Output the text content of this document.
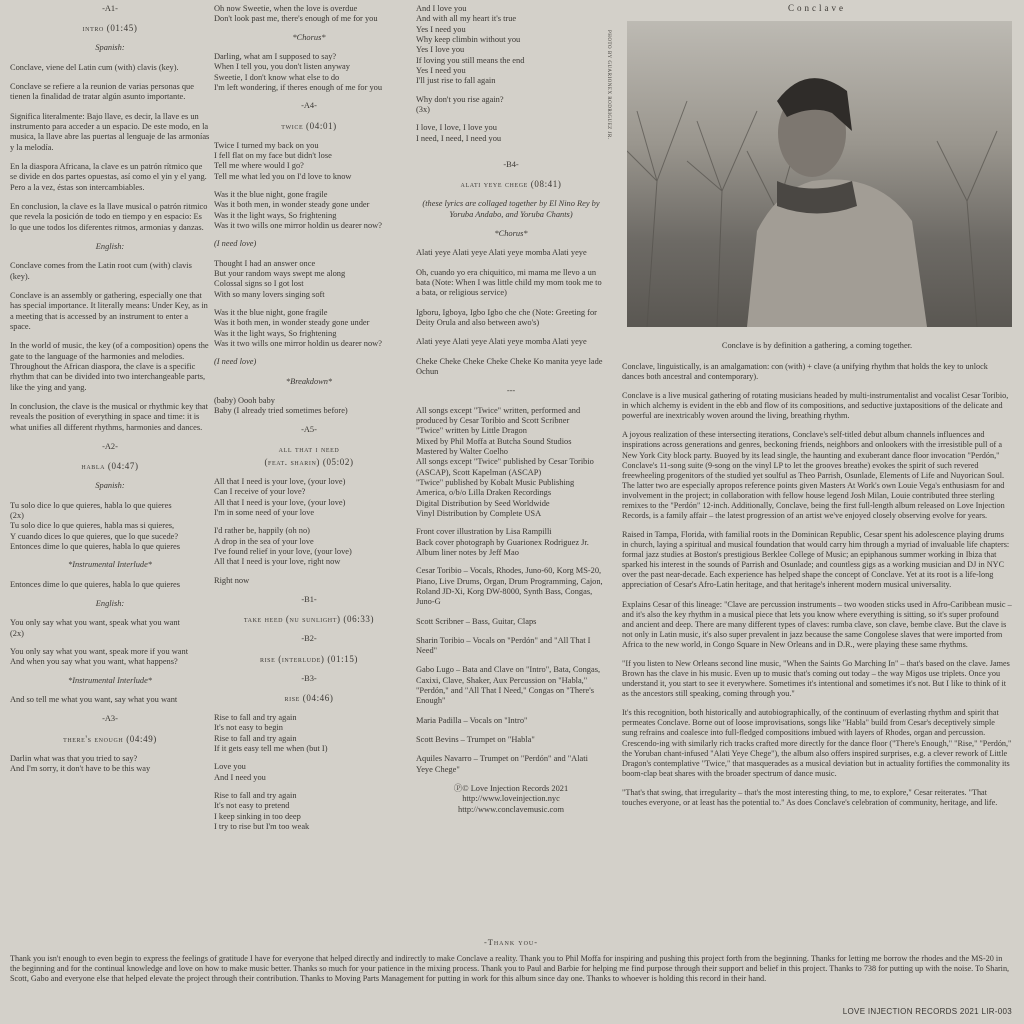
-A1-

intro (01:45)

Spanish:

Conclave, viene del Latin cum (with) clavis (key).

Conclave se refiere a la reunion de varias personas que tienen la finalidad de tratar algún asunto importante.

Significa literalmente: Bajo llave, es decir, la llave es un instrumento para acceder a un espacio. De este modo, en la musica, la llave abre las puertas al lenguaje de las armonías y la melodía.

En la diaspora Africana, la clave es un patrón rítmico que se divide en dos partes opuestas, así como el yin y el yang. Pero a la vez, éstas son intercambiables.

En conclusion, la clave es la llave musical o patrón ritmico que revela la posición de todo en tiempo y en espacio: Es lo que une todos los diferentes ritmos, armonias y danzas.

English:

Conclave comes from the Latin root cum (with) clavis (key).

Conclave is an assembly or gathering, especially one that has special importance. It literally means: Under Key, as in a meeting that is accessed by an instrument to enter a space.

In the world of music, the key (of a composition) opens the gate to the language of the harmonies and melodies. Throughout the African diaspora, the clave is a specific rhythm that can be divided into two interchangeable parts, like the ying and yang.

In conclusion, the clave is the musical or rhythmic key that reveals the position of everything in space and time: it is what unifies all different rhythms, harmonies and dances.

-A2-

habla (04:47)

Spanish:

Tu solo dice lo que quieres, habla lo que quieres
(2x)
Tu solo dice lo que quieres, habla mas si quieres,
Y cuando dices lo que quieres, que lo que sucede?
Entonces dime lo que quieres, habla lo que quieres

*Instrumental Interlude*

Entonces dime lo que quieres, habla lo que quieres

English:

You only say what you want, speak what you want
(2x)
You only say what you want, speak more if you want
And when you say what you want, what happens?

*Instrumental Interlude*

And so tell me what you want, say what you want

-A3-

there's enough (04:49)

Darlin what was that you tried to say?
And I'm sorry, it don't have to be this way
Oh now Sweetie, when the love is overdue
Don't look past me, there's enough of me for you

*Chorus*

Darling, what am I supposed to say?
When I tell you, you don't listen anyway
Sweetie, I don't know what else to do
I'm left wondering, if theres enough of me for you

-A4-

twice (04:01)

Twice I turned my back on you
I fell flat on my face but didn't lose
Tell me where would I go?
Tell me what led you on I'd love to know
Was it the blue night, gone fragile
Was it both men, in wonder steady gone under
Was it the light ways, So frightening
Was it two wills one mirror holdin us dearer now?

(I need love)

Thought I had an answer once
But your random ways swept me along
Colossal signs so I got lost
With so many lovers singing soft
Was it the blue night, gone fragile
Was it both men, in wonder steady gone under
Was it the light ways, So frightening
Was it two wills one mirror holdin us dearer now?

(I need love)

*Breakdown*

(baby) Oooh baby
Baby (I already tried sometimes before)

-A5-

all that i need

(feat. sharin) (05:02)

All that I need is your love, (your love)
Can I receive of your love?
All that I need is your love, (your love)
I'm in some need of your love
I'd rather be, happily (oh no)
A drop in the sea of your love
I've found relief in your love, (your love)
All that I need is your love, right now

Right now

-B1-

take heed (nu sunlight) (06:33)

-B2-

rise (interlude) (01:15)

-B3-

rise (04:46)

Rise to fall and try again
It's not easy to begin
Rise to fall and try again
If it gets easy tell me when (but I)
Love you
And I need you
Rise to fall and try again
It's not easy to pretend
I keep sinking in too deep
I try to rise but I'm too weak
And I love you
And with all my heart it's true
Yes I need you
Why keep climbin without you
Yes I love you
If loving you still means the end
Yes I need you
I'll just rise to fall again
Why don't you rise again?
(3x)
I love, I love, I love you
I need, I need, I need you

-B4-

alati yeye chege (08:41)

(these lyrics are collaged together by El Nino Rey by Yoruba Andabo, and Yoruba Chants)

*Chorus*

Alati yeye Alati yeye Alati yeye momba Alati yeye

Oh, cuando yo era chiquitico, mi mama me llevo a un bata (Note: When I was little child my mom took me to a bata, or religious service)

Igboru, Igboya, Igbo Igbo che che (Note: Greeting for Deity Orula and also between awo's)

Alati yeye Alati yeye Alati yeye momba Alati yeye

Cheke Cheke Cheke Cheke Cheke Ko manita yeye lade Ochun

---

All songs except "Twice" written, performed and produced by Cesar Toribio and Scott Scribner
"Twice" written by Little Dragon
Mixed by Phil Moffa at Butcha Sound Studios
Mastered by Walter Coelho
All songs except "Twice" published by Cesar Toribio (ASCAP), Scott Kapelman (ASCAP)
"Twice" published by Kobalt Music Publishing America, o/b/o Lilla Draken Recordings
Digital Distribution by Seed Worldwide
Vinyl Distribution by Complete USA
Front cover illustration by Lisa Rampilli
Back cover photograph by Guarionex Rodriguez Jr.
Album liner notes by Jeff Mao

Cesar Toribio – Vocals, Rhodes, Juno-60, Korg MS-20, Piano, Live Drums, Organ, Drum Programming, Cajon, Roland JD-Xi, Korg DW-8000, Synth Bass, Congas, Juno-G

Scott Scribner – Bass, Guitar, Claps

Sharin Toribio – Vocals on "Perdón" and "All That I Need"

Gabo Lugo – Bata and Clave on "Intro", Bata, Congas, Caxixi, Clave, Shaker, Aux Percussion on "Habla," "Perdón," and "All That I Need," Congas on "There's Enough"

Maria Padilla – Vocals on "Intro"

Scott Bevins – Trumpet on "Habla"

Aquiles Navarro – Trumpet on "Perdón" and "Alati Yeye Chege"

Ⓟ© Love Injection Records 2021
http://www.loveinjection.nyc
http://www.conclavemusic.com
-Thank you-
Conclave
PHOTO BY GUARIONEX RODRIGUEZ JR.
Conclave is by definition a gathering, a coming together.

Conclave, linguistically, is an amalgamation: con (with) + clave (a unifying rhythm that holds the key to unlock dances both ancestral and contemporary).

Conclave is a live musical gathering of rotating musicians headed by multi-instrumentalist and vocalist Cesar Toribio, in which alchemy is evident in the ebb and flow of its compositions, and seductive juxtapositions of the delicate and powerful are inextricably woven around the living, breathing rhythm.

A joyous realization of these intersecting iterations, Conclave's self-titled debut album channels influences and inspirations across generations and genres, beckoning friends, neighbors and onlookers with the irresistible pull of a New York City block party. Buoyed by its lead single, the haunting and exuberant dance floor invocation "Perdón," Conclave's 11-song suite (9-song on the vinyl LP to let the grooves breathe) evokes the spirit of such revered freewheeling progenitors of the studied yet soulful as Theo Parrish, Osunlade, Elements of Life and Nuyorican Soul. The latter two are especially apropos reference points given Masters At Work's own Louie Vega's enthusiasm for and involvement in the project; in collaboration with fellow house legend Josh Milan, Louie contributed three sterling remixes to the "Perdón" 12-inch. Additionally, Conclave, being the first full-length album released on Love Injection Records, is a family affair – the latest progression of an artist we've enjoyed closely observing evolve for years.

Raised in Tampa, Florida, with familial roots in the Dominican Republic, Cesar spent his adolescence playing drums in church, laying a spiritual and musical foundation that would carry him through a myriad of invaluable life chapters: formal jazz studies at Boston's prestigious Berklee College of Music; an epiphanous summer working in Ibiza that sparked his interest in the sounds of Parrish and Osunlade; and countless gigs as a working musician and DJ in NYC over the past near-decade. Each experience has helped shape the concept of Conclave. Yet at its root is a life-long appreciation of Cesar's Afro-Latin heritage, and that heritage's inherent modern musical universality.

Explains Cesar of this lineage: "Clave are percussion instruments – two wooden sticks used in Afro-Caribbean music – and it's also the key rhythm in a musical piece that lets you know where everything is sitting, so it's super profound and ancient and deep. There are many different types of claves: rumba clave, son clave, bembe clave. But the clave is not only in Latin music, it's also super prevalent in jazz because the same Congolese slaves that were imported from Africa to the new world, in Congo Square in New Orleans and in D.R., were playing these same rhythms.

"If you listen to New Orleans second line music, "When the Saints Go Marching In" – that's based on the clave. James Brown has the clave in his music. Even up to music that's coming out today – the way Migos use triplets. Once you understand it, you start to see it everywhere. Sometimes it's intentional and sometimes it's not. But I like to think of it as the ancestors still speaking, coming through you."

It's this recognition, both historically and autobiographically, of the continuum of everlasting rhythm and spirit that permeates Conclave. Borne out of loose improvisations, songs like "Habla" build from Cesar's deceptively simple sung refrains and coalesce into full-fledged compositions imbued with layers of Rhodes, organ and percussion. Crescendo-ing with similarly rich tracks crafted more directly for the dance floor ("There's Enough," "Rise," "Perdón," the Yoruban chant-infused "Alati Yeye Chege"), the album also offers inspired surprises, e.g. a clever rework of Little Dragon's contemplative "Twice," that masquerades as a musical deviation but in actuality fortifies the commonality its boom-clap beat shares with the broader spectrum of dance music.

"That's that swing, that irregularity – that's the most interesting thing, to me, to explore," Cesar reiterates. "That touches everyone, or at least has the potential to." As does Conclave's celebration of community, heritage, and life.

Thank you isn't enough to even begin to express the feelings of gratitude I have for everyone that helped directly and indirectly to make Conclave a reality. Thank you to Phil Moffa for inspiring and pushing this project forth from the beginning. Thanks for letting me borrow the rhodes and the MS-20 in the beginning and for the continual knowledge and love on how to make music better. Thanks so much for your patience in the mixing process. Thank you to Paul and Barbie for helping me find purpose through their support and belief in this project. Thanks to 738 for putting up with the noise. To Sharin, Scott, Gabo and everyone else that helped elevate the project through their contribution. Thanks to Moving Parts Management for putting in work for this album since day one. Thanks to whoever is holding this record in their hand.
LOVE INJECTION RECORDS 2021 LIR-003
